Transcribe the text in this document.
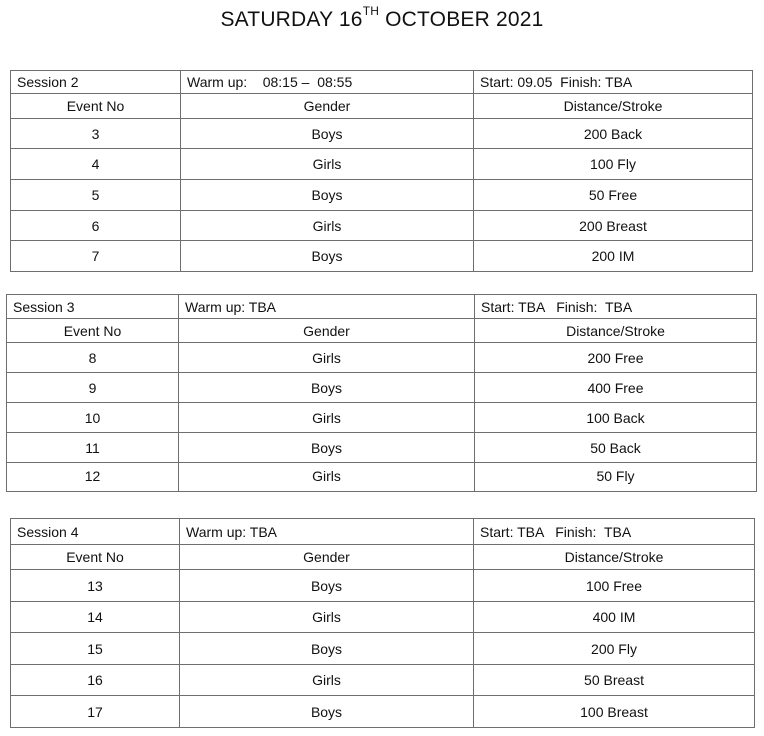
SATURDAY 16TH OCTOBER 2021
Session 2	Warm up:    08:15 –  08:55	Start: 09.05  Finish: TBA
Event No	Gender	Distance/Stroke
3	Boys	200 Back
4	Girls	100 Fly
5	Boys	50 Free
6	Girls	200 Breast
7	Boys	200 IM
Session 3	Warm up: TBA	Start: TBA   Finish:  TBA
Event No	Gender	Distance/Stroke
8	Girls	200 Free
9	Boys	400 Free
10	Girls	100 Back
11	Boys	50 Back
12	Girls	50 Fly
Session 4	Warm up: TBA	Start: TBA   Finish:  TBA
Event No	Gender	Distance/Stroke
13	Boys	100 Free
14	Girls	400 IM
15	Boys	200 Fly
16	Girls	50 Breast
17	Boys	100 Breast
